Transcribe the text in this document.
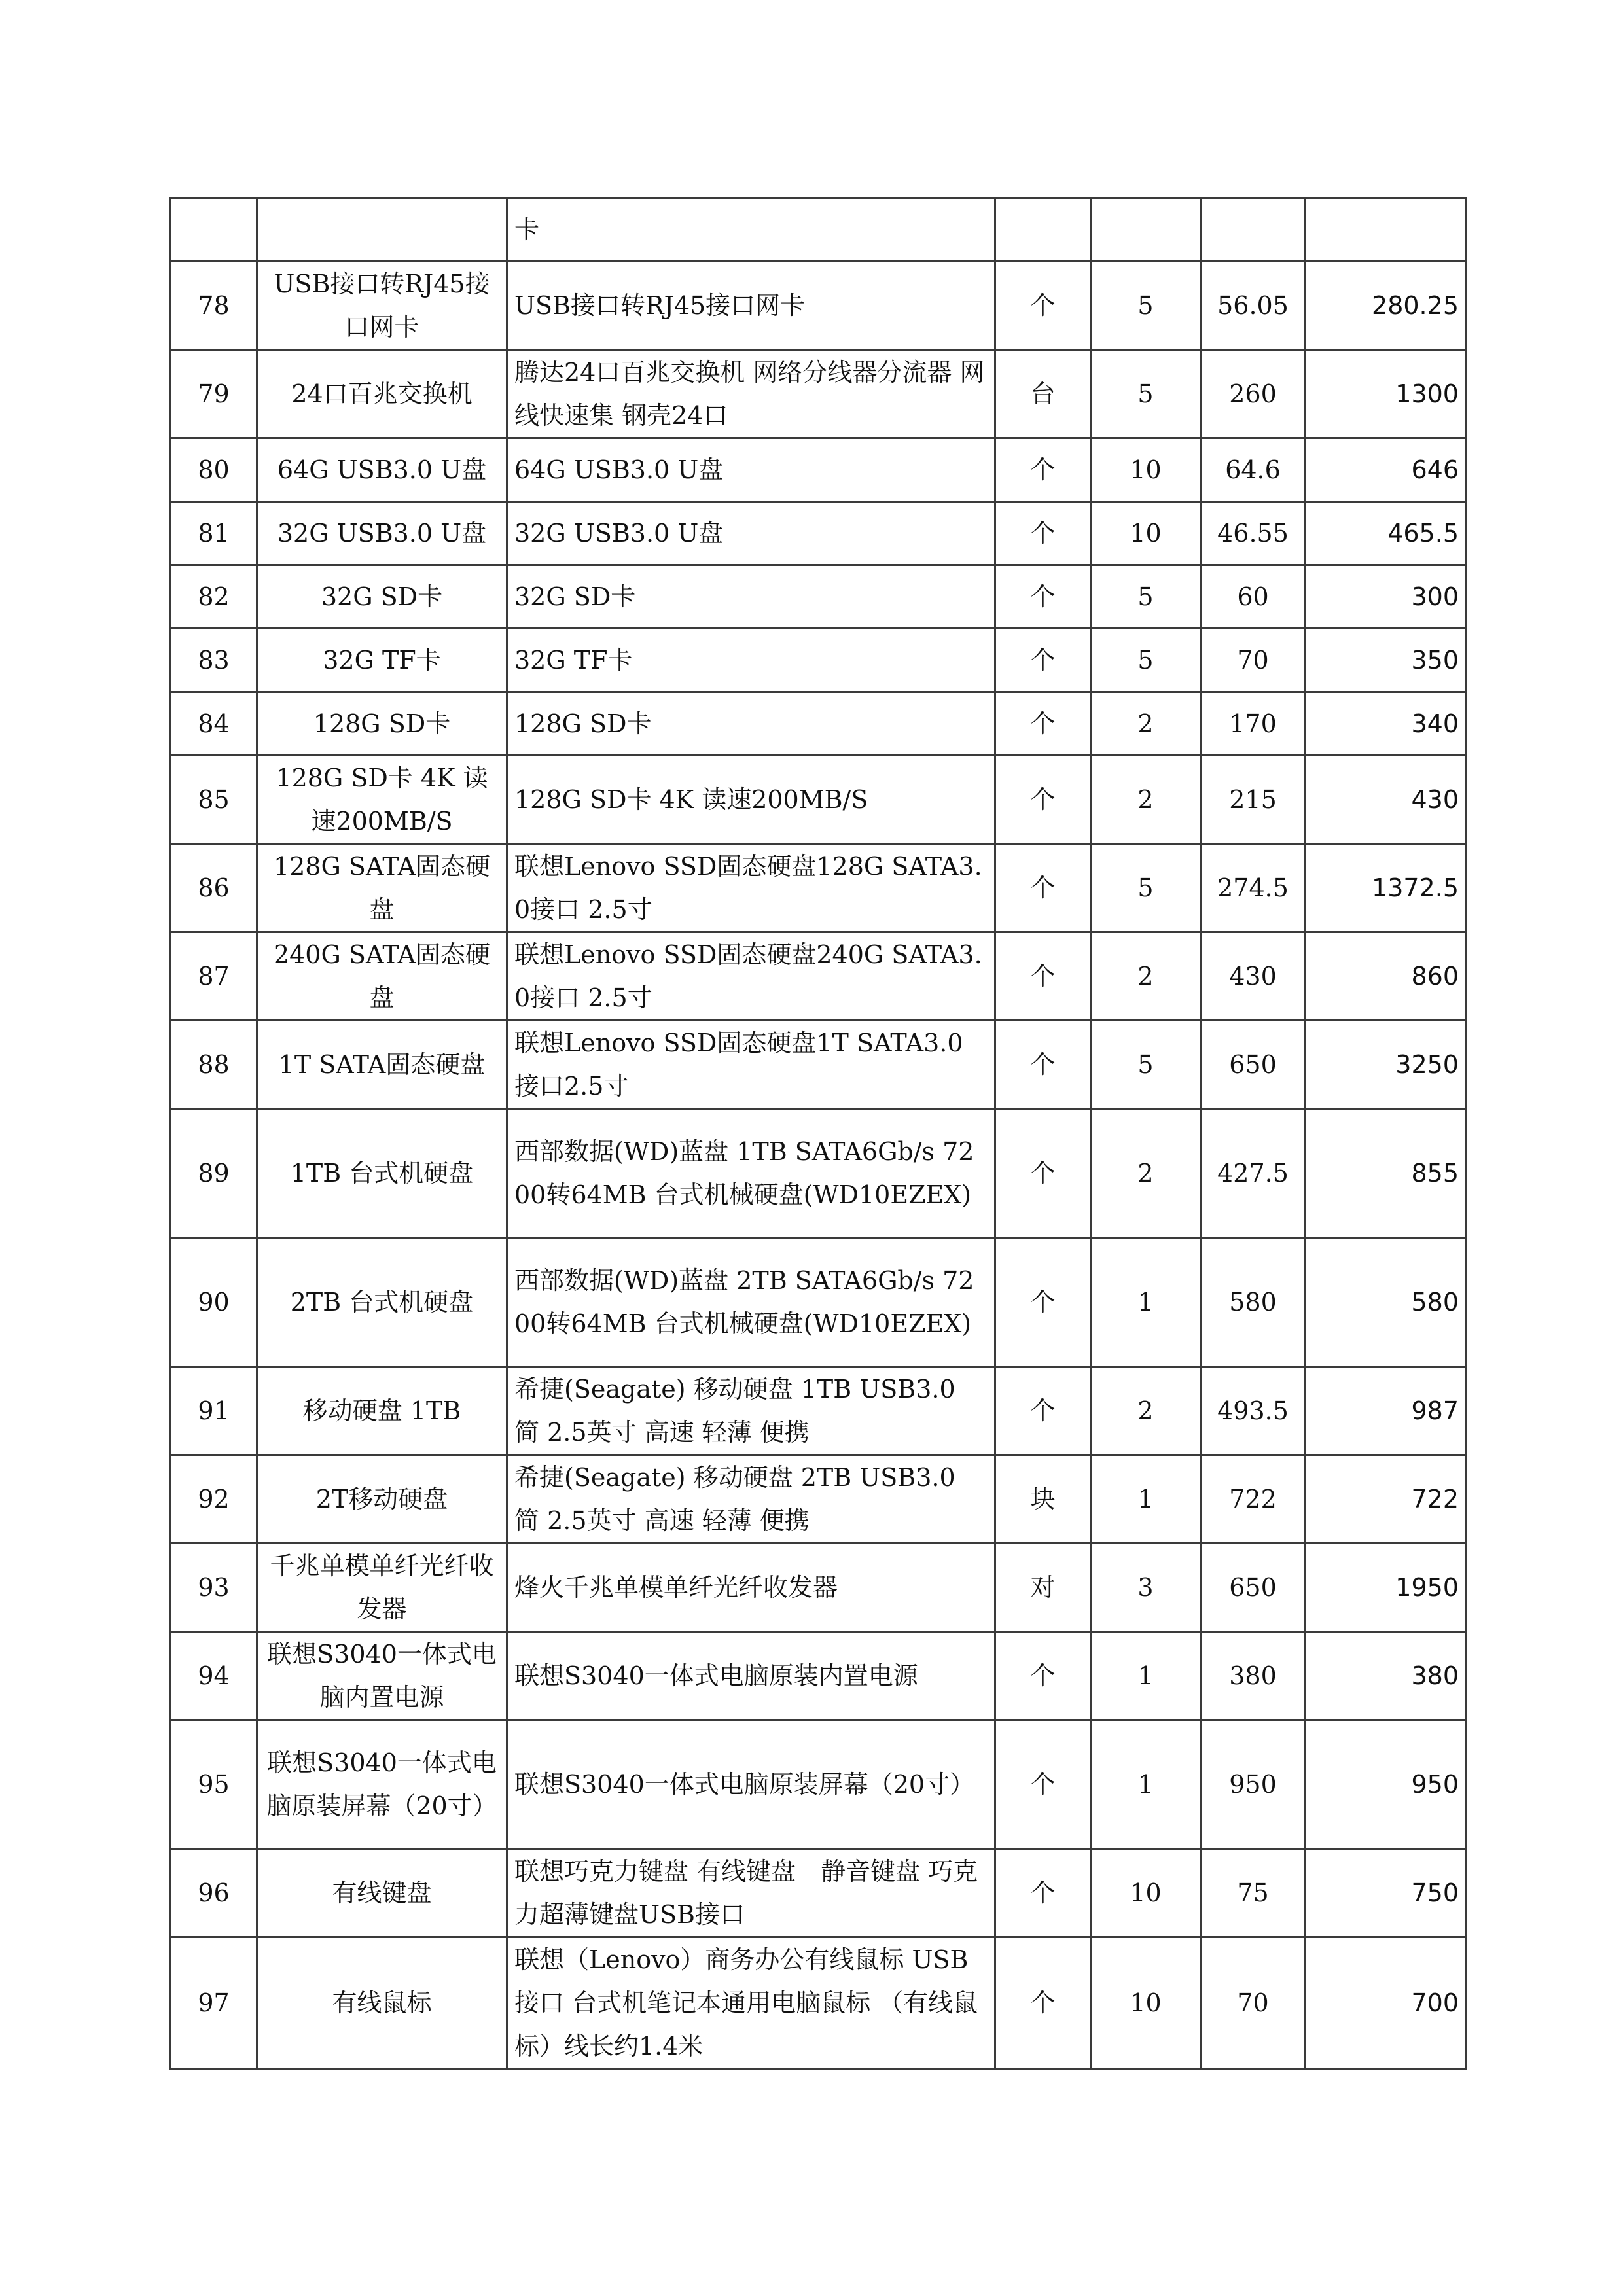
		卡				
78	USB接口转RJ45接口网卡	USB接口转RJ45接口网卡	个	5	56.05	280.25
79	24口百兆交换机	腾达24口百兆交换机 网络分线器分流器 网线快速集 钢壳24口	台	5	260	1300
80	64G USB3.0 U盘	64G USB3.0 U盘	个	10	64.6	646
81	32G USB3.0 U盘	32G USB3.0 U盘	个	10	46.55	465.5
82	32G SD卡	32G SD卡	个	5	60	300
83	32G TF卡	32G TF卡	个	5	70	350
84	128G SD卡	128G SD卡	个	2	170	340
85	128G SD卡 4K 读速200MB/S	128G SD卡 4K 读速200MB/S	个	2	215	430
86	128G SATA固态硬盘	联想Lenovo SSD固态硬盘128G SATA3.0接口 2.5寸	个	5	274.5	1372.5
87	240G SATA固态硬盘	联想Lenovo SSD固态硬盘240G SATA3.0接口 2.5寸	个	2	430	860
88	1T SATA固态硬盘	联想Lenovo SSD固态硬盘1T SATA3.0接口2.5寸	个	5	650	3250
89	1TB 台式机硬盘	西部数据(WD)蓝盘 1TB SATA6Gb/s 7200转64MB 台式机械硬盘(WD10EZEX)	个	2	427.5	855
90	2TB 台式机硬盘	西部数据(WD)蓝盘 2TB SATA6Gb/s 7200转64MB 台式机械硬盘(WD10EZEX)	个	1	580	580
91	移动硬盘 1TB	希捷(Seagate) 移动硬盘 1TB USB3.0 简 2.5英寸 高速 轻薄 便携	个	2	493.5	987
92	2T移动硬盘	希捷(Seagate) 移动硬盘 2TB USB3.0 简 2.5英寸 高速 轻薄 便携	块	1	722	722
93	千兆单模单纤光纤收发器	烽火千兆单模单纤光纤收发器	对	3	650	1950
94	联想S3040一体式电脑内置电源	联想S3040一体式电脑原装内置电源	个	1	380	380
95	联想S3040一体式电脑原装屏幕（20寸）	联想S3040一体式电脑原装屏幕（20寸）	个	1	950	950
96	有线键盘	联想巧克力键盘 有线键盘　静音键盘 巧克力超薄键盘USB接口	个	10	75	750
97	有线鼠标	联想（Lenovo）商务办公有线鼠标 USB接口 台式机笔记本通用电脑鼠标 （有线鼠标）线长约1.4米	个	10	70	700
